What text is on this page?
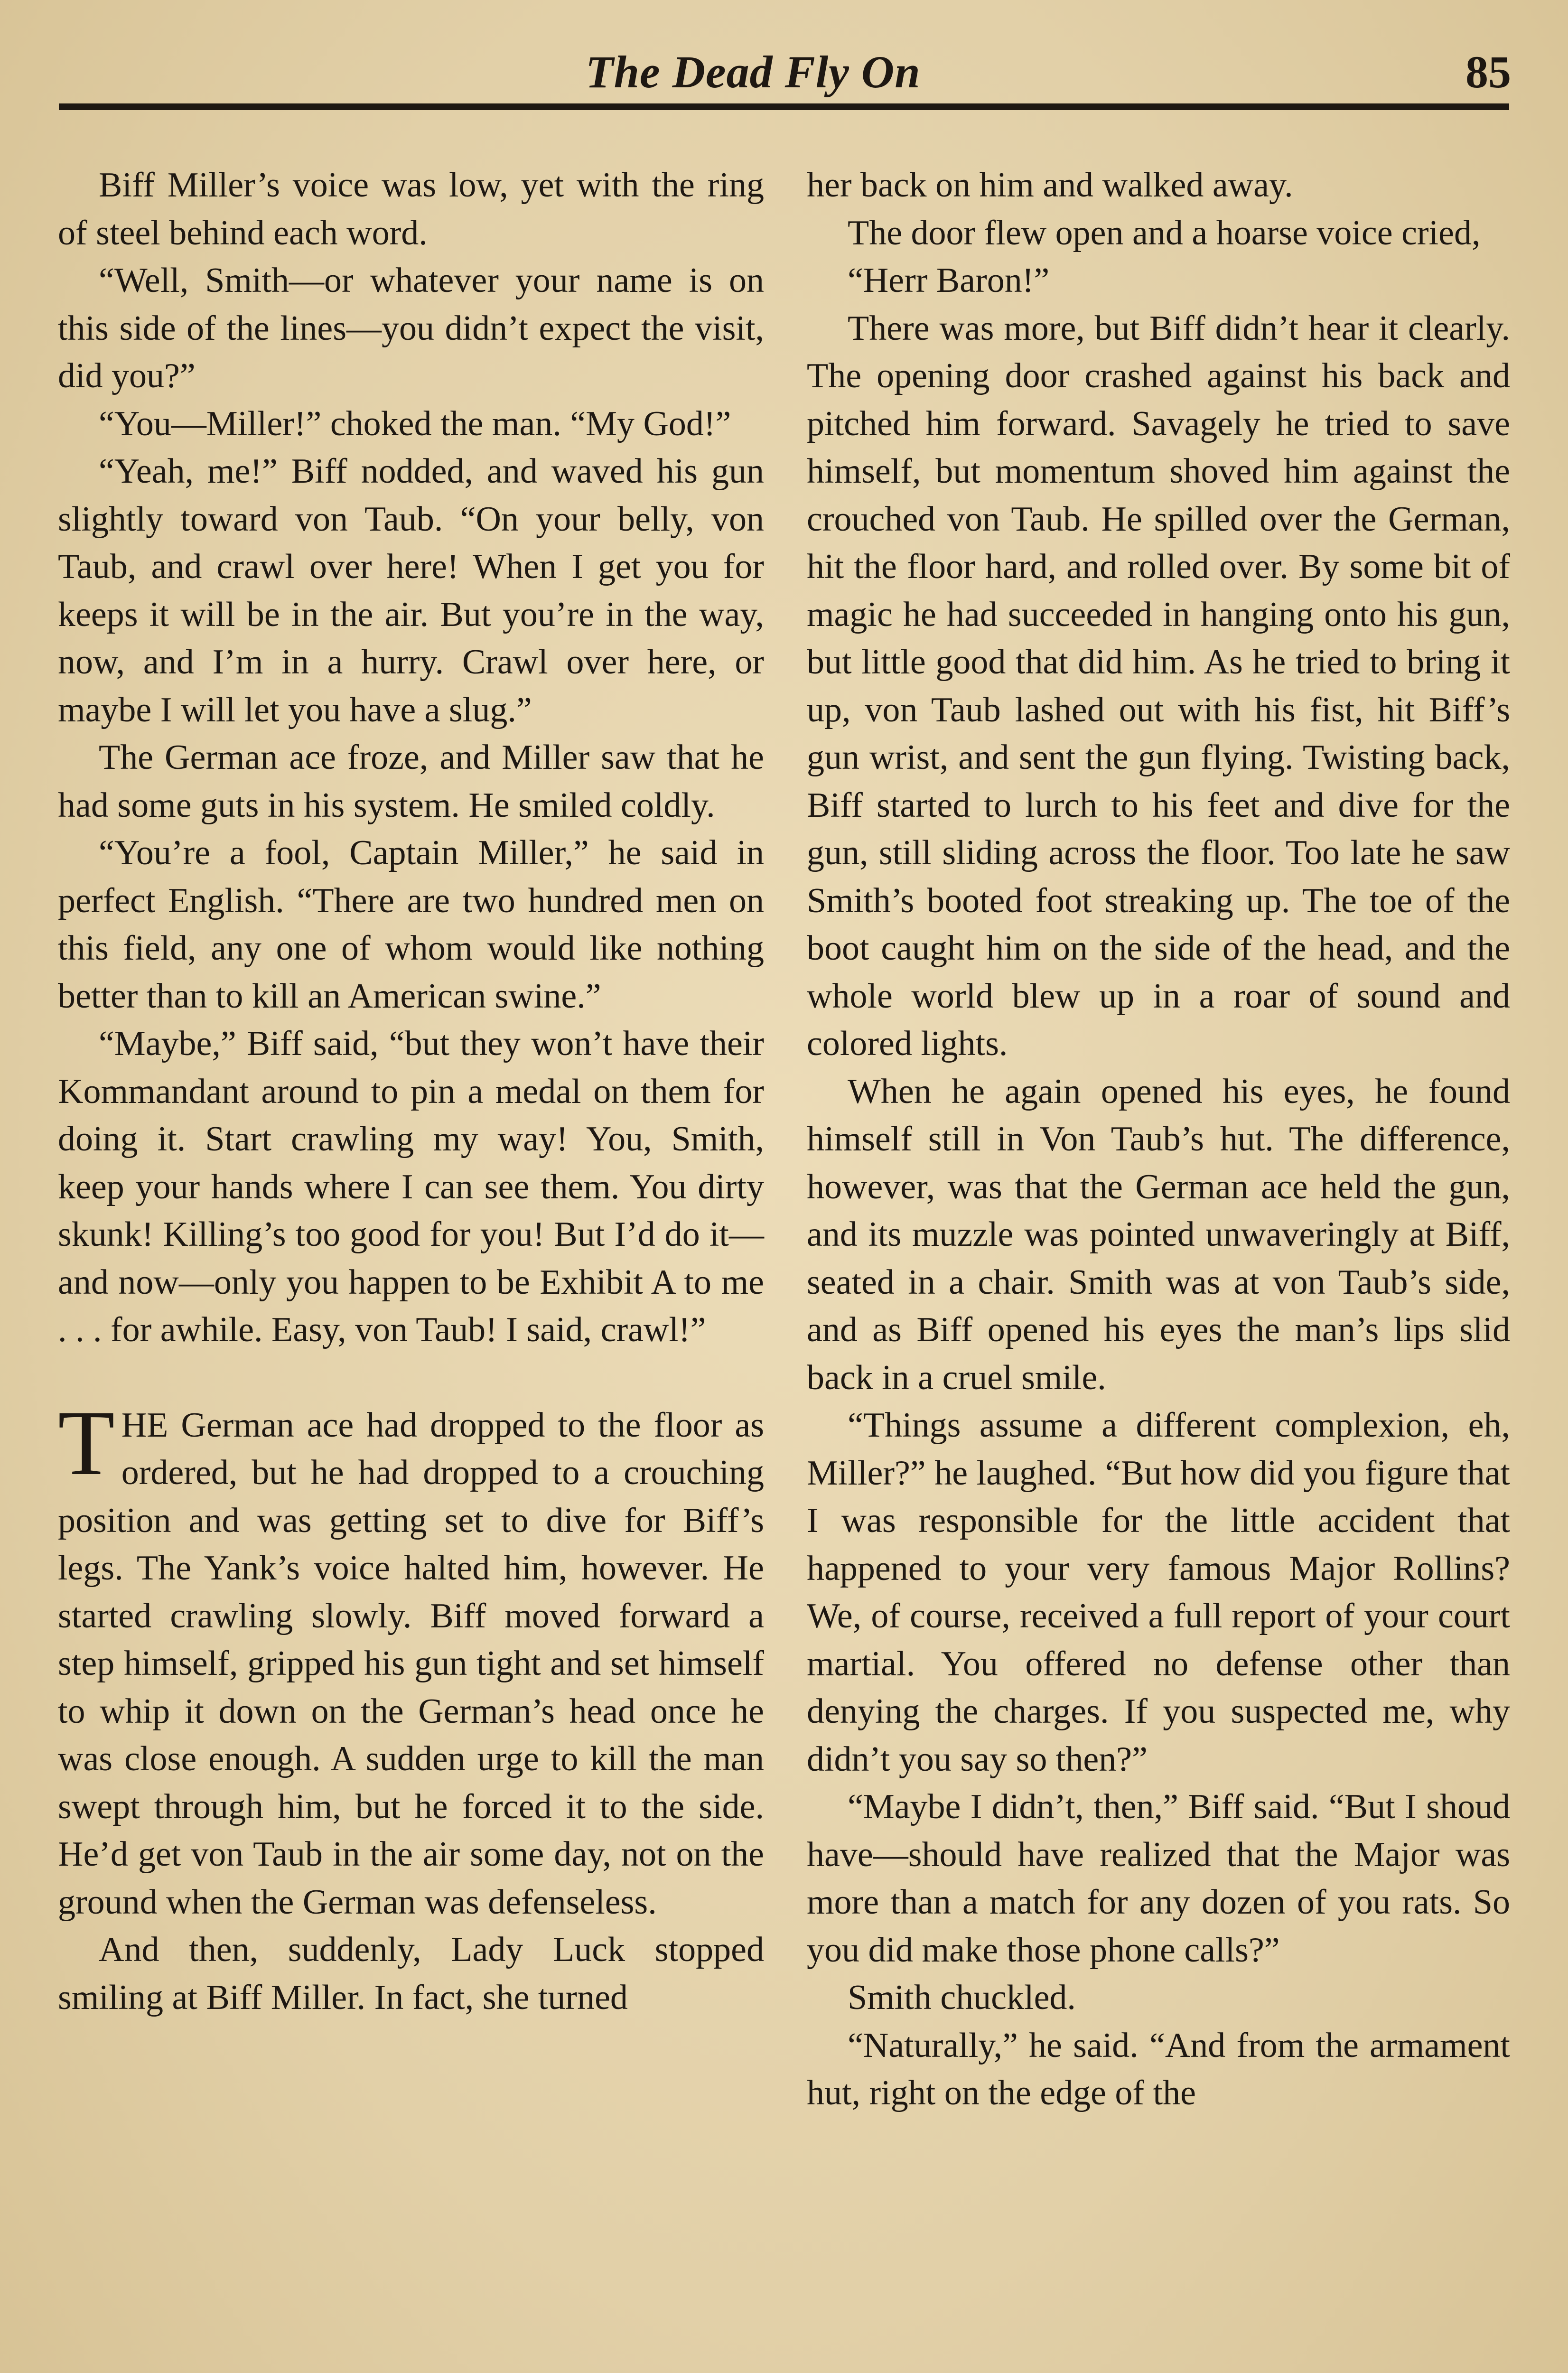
The Dead Fly On	85

Biff Miller’s voice was low, yet with the ring of steel behind each word.

“Well, Smith—or whatever your name is on this side of the lines—you didn’t expect the visit, did you?”

“You—Miller!” choked the man. “My God!”

“Yeah, me!” Biff nodded, and waved his gun slightly toward von Taub. “On your belly, von Taub, and crawl over here! When I get you for keeps it will be in the air. But you’re in the way, now, and I’m in a hurry. Crawl over here, or maybe I will let you have a slug.”

The German ace froze, and Miller saw that he had some guts in his system. He smiled coldly.

“You’re a fool, Captain Miller,” he said in perfect English. “There are two hundred men on this field, any one of whom would like nothing better than to kill an American swine.”

“Maybe,” Biff said, “but they won’t have their Kommandant around to pin a medal on them for doing it. Start crawling my way! You, Smith, keep your hands where I can see them. You dirty skunk! Killing’s too good for you! But I’d do it—and now—only you happen to be Exhibit A to me . . . for awhile. Easy, von Taub! I said, crawl!”

THE German ace had dropped to the floor as ordered, but he had dropped to a crouching position and was getting set to dive for Biff’s legs. The Yank’s voice halted him, however. He started crawling slowly. Biff moved forward a step himself, gripped his gun tight and set himself to whip it down on the German’s head once he was close enough. A sudden urge to kill the man swept through him, but he forced it to the side. He’d get von Taub in the air some day, not on the ground when the German was defenseless.

And then, suddenly, Lady Luck stopped smiling at Biff Miller. In fact, she turned

her back on him and walked away.

The door flew open and a hoarse voice cried,

“Herr Baron!”

There was more, but Biff didn’t hear it clearly. The opening door crashed against his back and pitched him forward. Savagely he tried to save himself, but momentum shoved him against the crouched von Taub. He spilled over the German, hit the floor hard, and rolled over. By some bit of magic he had succeeded in hanging onto his gun, but little good that did him. As he tried to bring it up, von Taub lashed out with his fist, hit Biff’s gun wrist, and sent the gun flying. Twisting back, Biff started to lurch to his feet and dive for the gun, still sliding across the floor. Too late he saw Smith’s booted foot streaking up. The toe of the boot caught him on the side of the head, and the whole world blew up in a roar of sound and colored lights.

When he again opened his eyes, he found himself still in Von Taub’s hut. The difference, however, was that the German ace held the gun, and its muzzle was pointed unwaveringly at Biff, seated in a chair. Smith was at von Taub’s side, and as Biff opened his eyes the man’s lips slid back in a cruel smile.

“Things assume a different complexion, eh, Miller?” he laughed. “But how did you figure that I was responsible for the little accident that happened to your very famous Major Rollins? We, of course, received a full report of your court martial. You offered no defense other than denying the charges. If you suspected me, why didn’t you say so then?”

“Maybe I didn’t, then,” Biff said. “But I shoud have—should have realized that the Major was more than a match for any dozen of you rats. So you did make those phone calls?”

Smith chuckled.

“Naturally,” he said. “And from the armament hut, right on the edge of the
